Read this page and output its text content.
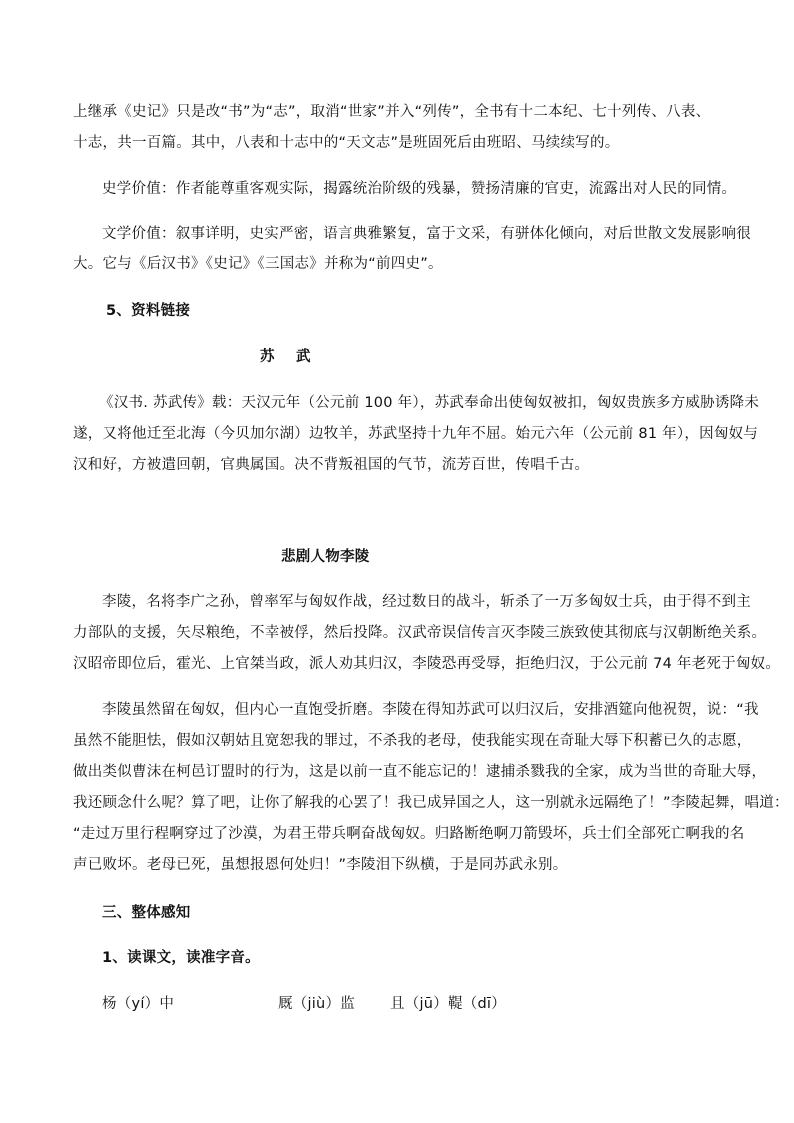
上继承《史记》只是改“书”为“志”，取消“世家”并入“列传”，全书有十二本纪、七十列传、八表、
十志，共一百篇。其中，八表和十志中的“天文志”是班固死后由班昭、马续续写的。
史学价值：作者能尊重客观实际，揭露统治阶级的残暴，赞扬清廉的官吏，流露出对人民的同情。
文学价值：叙事详明，史实严密，语言典雅繁复，富于文采，有骈体化倾向，对后世散文发展影响很
大。它与《后汉书》《史记》《三国志》并称为“前四史”。
5、资料链接
苏    武
《汉书. 苏武传》载：天汉元年（公元前 100 年），苏武奉命出使匈奴被扣，匈奴贵族多方威胁诱降未
遂，又将他迁至北海（今贝加尔湖）边牧羊，苏武坚持十九年不屈。始元六年（公元前 81 年），因匈奴与
汉和好，方被遣回朝，官典属国。决不背叛祖国的气节，流芳百世，传唱千古。
悲剧人物李陵
李陵，名将李广之孙，曾率军与匈奴作战，经过数日的战斗，斩杀了一万多匈奴士兵，由于得不到主
力部队的支援，矢尽粮绝，不幸被俘，然后投降。汉武帝误信传言灭李陵三族致使其彻底与汉朝断绝关系。
汉昭帝即位后，霍光、上官桀当政，派人劝其归汉，李陵恐再受辱，拒绝归汉，于公元前 74 年老死于匈奴。
李陵虽然留在匈奴，但内心一直饱受折磨。李陵在得知苏武可以归汉后，安排酒筵向他祝贺，说：“我
虽然不能胆怯，假如汉朝姑且宽恕我的罪过，不杀我的老母，使我能实现在奇耻大辱下积蓄已久的志愿，
做出类似曹沫在柯邑订盟时的行为，这是以前一直不能忘记的！逮捕杀戮我的全家，成为当世的奇耻大辱，
我还顾念什么呢？算了吧，让你了解我的心罢了！我已成异国之人，这一别就永远隔绝了！”李陵起舞，唱道：
“走过万里行程啊穿过了沙漠，为君王带兵啊奋战匈奴。归路断绝啊刀箭毁坏，兵士们全部死亡啊我的名
声已败坏。老母已死，虽想报恩何处归！”李陵泪下纵横，于是同苏武永别。
三、整体感知
1、读课文，读准字音。
杨（yí）中	厩（jiù）监 且（jū）鞮（dī）
